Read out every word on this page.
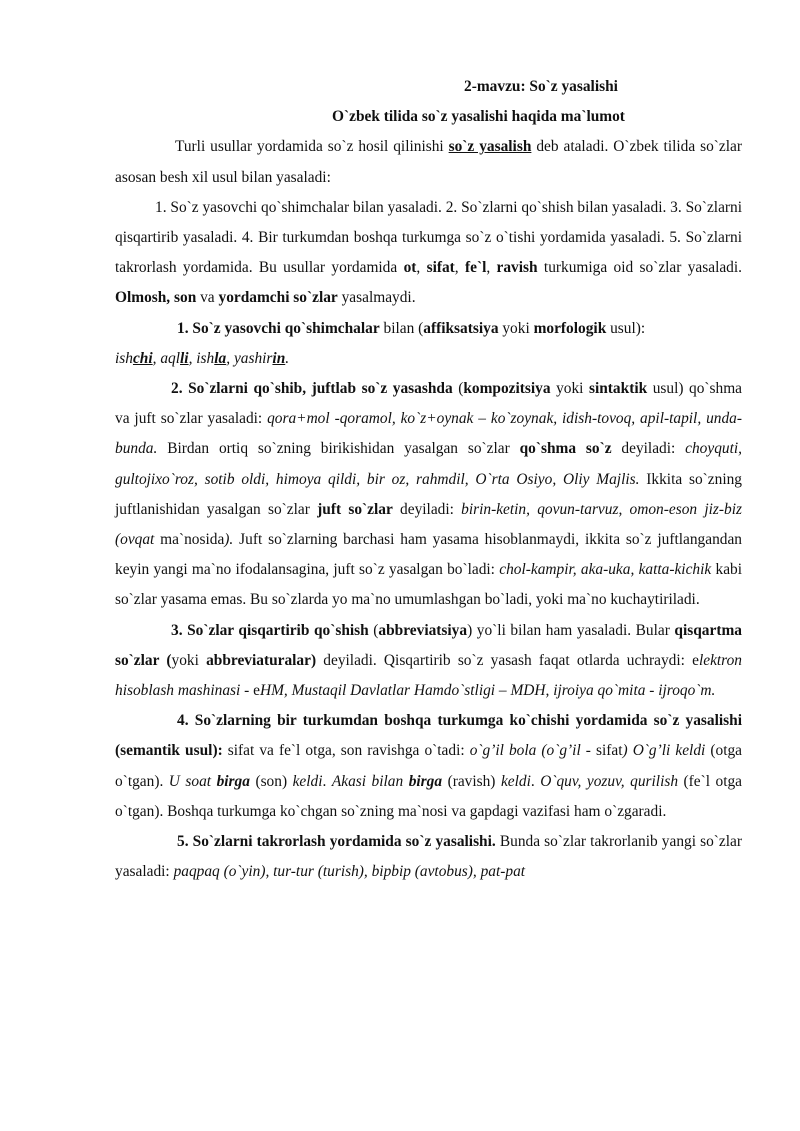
2-mavzu: So`z yasalishi

O`zbek tilida so`z yasalishi haqida ma`lumot

Turli usullar yordamida so`z hosil qilinishi so`z yasalish deb ataladi. O`zbek tilida so`zlar asosan besh xil usul bilan yasaladi:

1. So`z yasovchi qo`shimchalar bilan yasaladi. 2. So`zlarni qo`shish bilan yasaladi. 3. So`zlarni qisqartirib yasaladi. 4. Bir turkumdan boshqa turkumga so`z o`tishi yordamida yasaladi. 5. So`zlarni takrorlash yordamida. Bu usullar yordamida ot, sifat, fe`l, ravish turkumiga oid so`zlar yasaladi. Olmosh, son va yordamchi so`zlar yasalmaydi.

1. So`z yasovchi qo`shimchalar bilan (affiksatsiya yoki morfologik usul):
ishchi, aqlli, ishla, yashirin.

2. So`zlarni qo`shib, juftlab so`z yasashda (kompozitsiya yoki sintaktik usul) qo`shma va juft so`zlar yasaladi: qora+mol -qoramol, ko`z+oynak – ko`zoynak, idish-tovoq, apil-tapil, unda-bunda. Birdan ortiq so`zning birikishidan yasalgan so`zlar qo`shma so`z deyiladi: choyquti, gultojixo`roz, sotib oldi, himoya qildi, bir oz, rahmdil, O`rta Osiyo, Oliy Majlis. Ikkita so`zning juftlanishidan yasalgan so`zlar juft so`zlar deyiladi: birin-ketin, qovun-tarvuz, omon-eson jiz-biz (ovqat ma`nosida). Juft so`zlarning barchasi ham yasama hisoblanmaydi, ikkita so`z juftlangandan keyin yangi ma`no ifodalansagina, juft so`z yasalgan bo`ladi: chol-kampir, aka-uka, katta-kichik kabi so`zlar yasama emas. Bu so`zlarda yo ma`no umumlashgan bo`ladi, yoki ma`no kuchaytiriladi.

3. So`zlar qisqartirib qo`shish (abbreviatsiya) yo`li bilan ham yasaladi. Bular qisqartma so`zlar (yoki abbreviaturalar) deyiladi. Qisqartirib so`z yasash faqat otlarda uchraydi: elektron hisoblash mashinasi - eHM, Mustaqil Davlatlar Hamdo`stligi – MDH, ijroiya qo`mita - ijroqo`m.

4. So`zlarning bir turkumdan boshqa turkumga ko`chishi yordamida so`z yasalishi (semantik usul): sifat va fe`l otga, son ravishga o`tadi: o`g’il bola (o`g’il - sifat) O`g’li keldi (otga o`tgan). U soat birga (son) keldi. Akasi bilan birga (ravish) keldi. O`quv, yozuv, qurilish (fe`l otga o`tgan). Boshqa turkumga ko`chgan so`zning ma`nosi va gapdagi vazifasi ham o`zgaradi.

5. So`zlarni takrorlash yordamida so`z yasalishi. Bunda so`zlar takrorlanib yangi so`zlar yasaladi: paqpaq (o`yin), tur-tur (turish), bipbip (avtobus), pat-pat
